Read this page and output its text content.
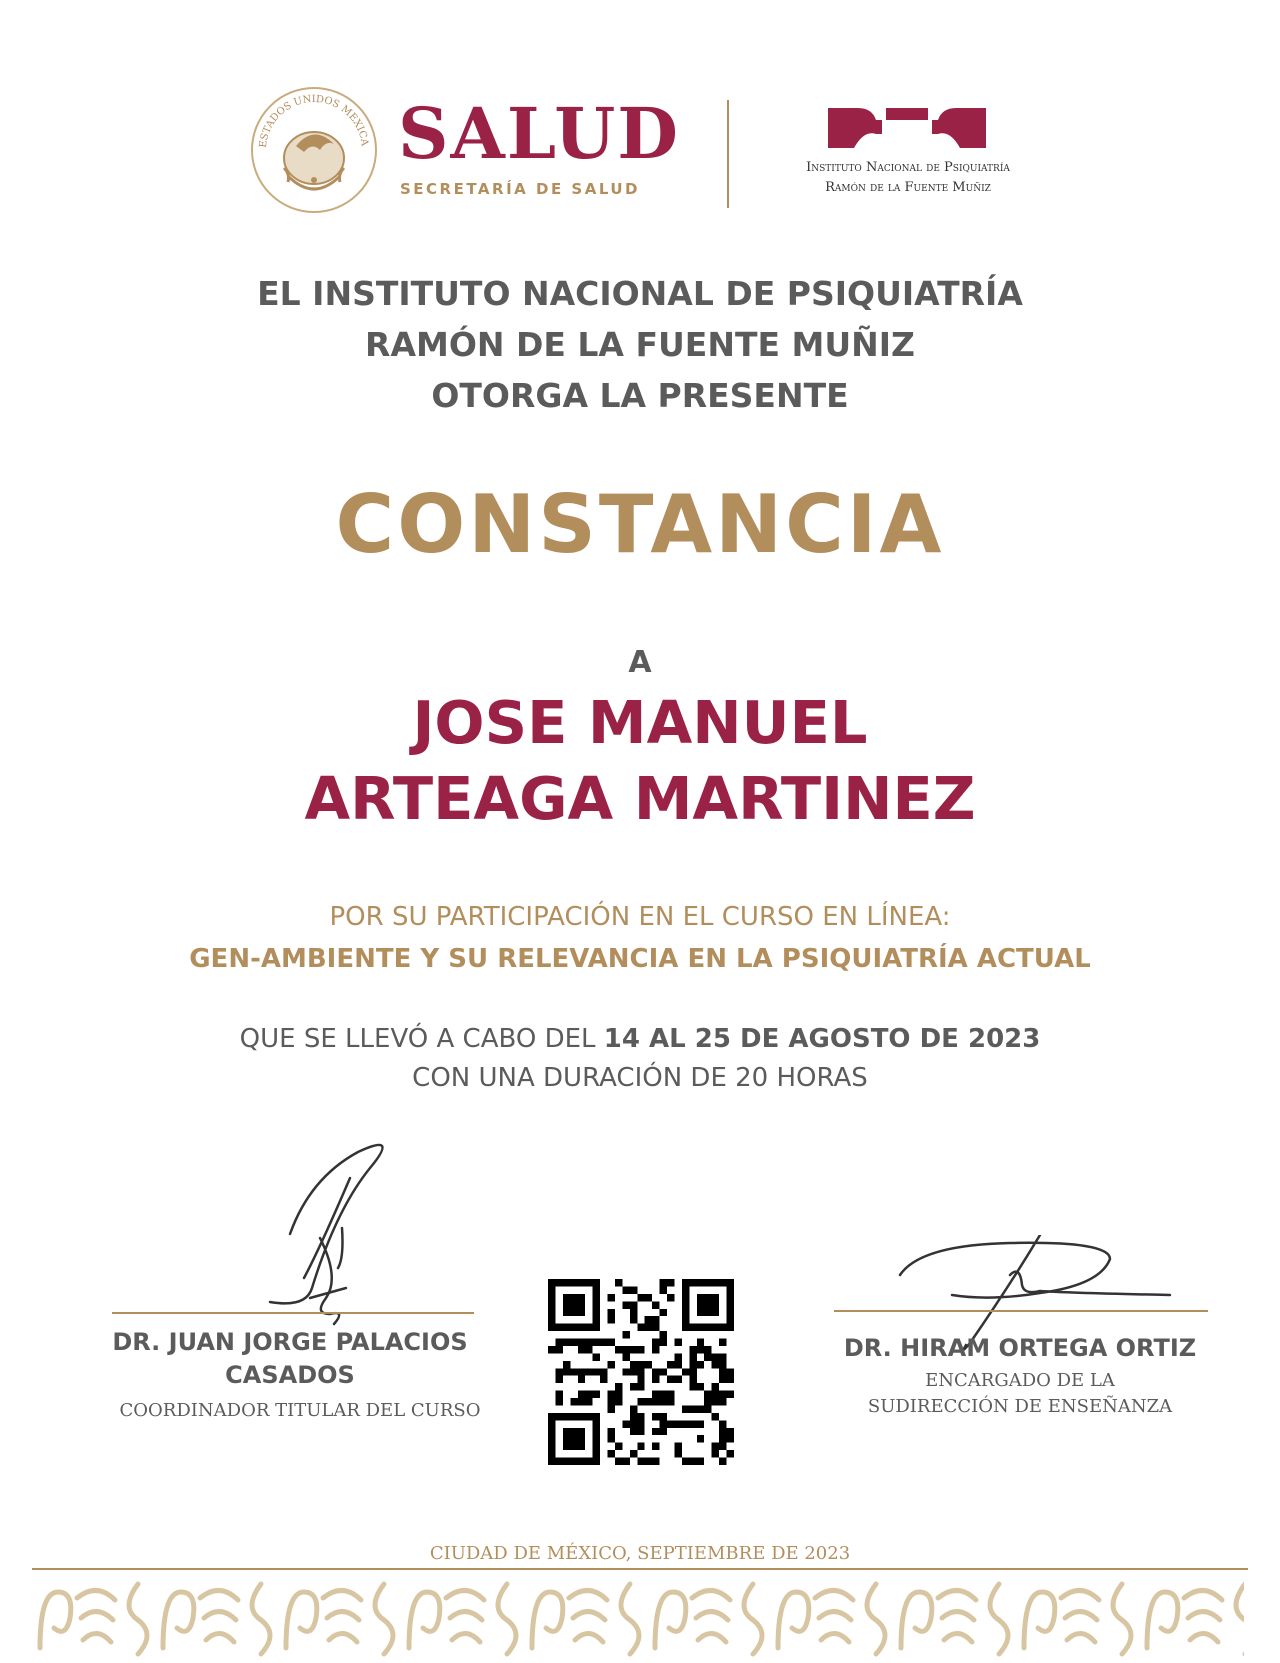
ESTADOS UNIDOS MEXICA SALUD
SECRETARÍA DE SALUD
Instituto Nacional de Psiquiatría
Ramón de la Fuente Muñiz
EL INSTITUTO NACIONAL DE PSIQUIATRÍA
RAMÓN DE LA FUENTE MUÑIZ
OTORGA LA PRESENTE
CONSTANCIA
A
JOSE MANUEL
ARTEAGA MARTINEZ
POR SU PARTICIPACIÓN EN EL CURSO EN LÍNEA:
GEN-AMBIENTE Y SU RELEVANCIA EN LA PSIQUIATRÍA ACTUAL
QUE SE LLEVÓ A CABO DEL 14 AL 25 DE AGOSTO DE 2023
CON UNA DURACIÓN DE 20 HORAS
DR. JUAN JORGE PALACIOS
CASADOS
COORDINADOR TITULAR DEL CURSO
DR. HIRAM ORTEGA ORTIZ
ENCARGADO DE LA
SUDIRECCIÓN DE ENSEÑANZA
CIUDAD DE MÉXICO, SEPTIEMBRE DE 2023
